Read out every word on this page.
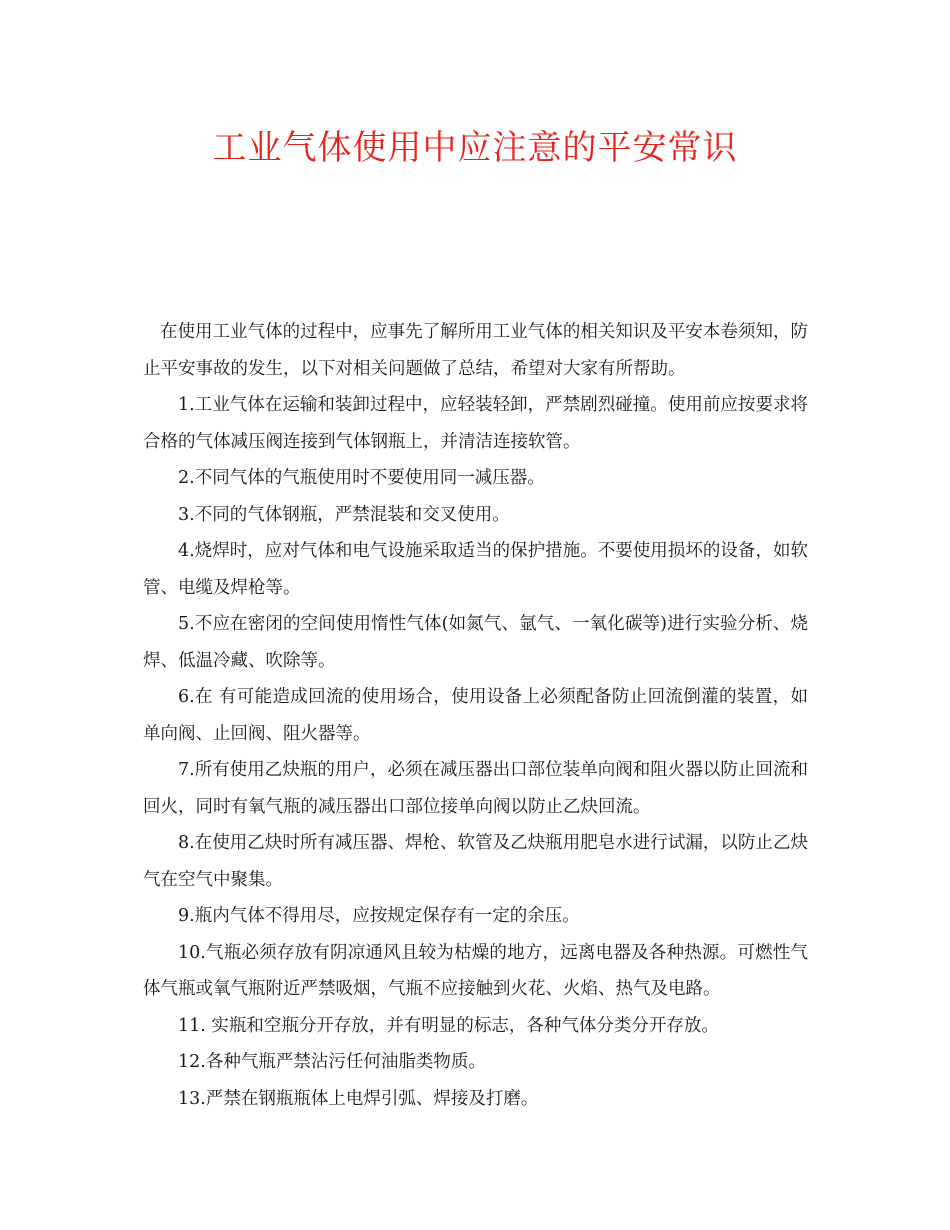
工业气体使用中应注意的平安常识

在使用工业气体的过程中，应事先了解所用工业气体的相关知识及平安本卷须知，防止平安事故的发生，以下对相关问题做了总结，希望对大家有所帮助。

1.工业气体在运输和装卸过程中，应轻装轻卸，严禁剧烈碰撞。使用前应按要求将合格的气体减压阀连接到气体钢瓶上，并清洁连接软管。

2.不同气体的气瓶使用时不要使用同一减压器。

3.不同的气体钢瓶，严禁混装和交叉使用。

4.烧焊时，应对气体和电气设施采取适当的保护措施。不要使用损坏的设备，如软管、电缆及焊枪等。

5.不应在密闭的空间使用惰性气体(如氮气、氩气、一氧化碳等)进行实验分析、烧焊、低温冷藏、吹除等。

6.在 有可能造成回流的使用场合，使用设备上必须配备防止回流倒灌的装置，如单向阀、止回阀、阻火器等。

7.所有使用乙炔瓶的用户，必须在减压器出口部位装单向阀和阻火器以防止回流和回火，同时有氧气瓶的减压器出口部位接单向阀以防止乙炔回流。

8.在使用乙炔时所有减压器、焊枪、软管及乙炔瓶用肥皂水进行试漏，以防止乙炔气在空气中聚集。

9.瓶内气体不得用尽，应按规定保存有一定的余压。

10.气瓶必须存放有阴凉通风且较为枯燥的地方，远离电器及各种热源。可燃性气体气瓶或氧气瓶附近严禁吸烟，气瓶不应接触到火花、火焰、热气及电路。

11. 实瓶和空瓶分开存放，并有明显的标志，各种气体分类分开存放。

12.各种气瓶严禁沾污任何油脂类物质。

13.严禁在钢瓶瓶体上电焊引弧、焊接及打磨。
